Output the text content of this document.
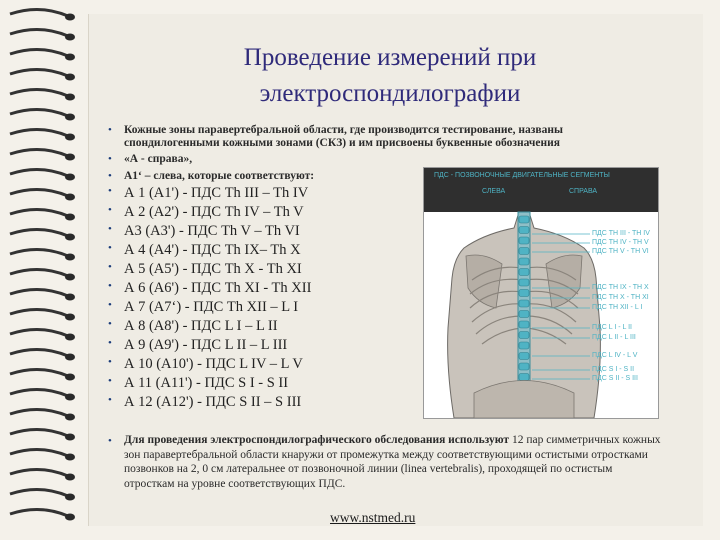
Проведение измерений при
электроспондилографии
• Кожные зоны паравертебральной области, где производится тестирование, названы
спондилогенными кожными зонами (СКЗ) и им присвоены буквенные обозначения
• «А - справа»,
• А1‘ – слева, которые соответствуют:
• А 1 (А1') - ПДС Th III – Th IV
• А 2 (А2') - ПДС Th IV – Th V
• А3 (А3') - ПДС Th V – Th VI
• А 4 (А4') - ПДС Th IX– Th X
• А 5 (А5') - ПДС Th X - Th XI
• А 6 (А6') - ПДС Th XI - Th XII
• А 7 (А7‘) - ПДС Th XII – L I
• А 8 (А8') - ПДС L I – L II
• А 9 (А9') - ПДС L II – L III
• А 10 (А10') - ПДС L IV – L V
• А 11 (А11') - ПДС S I - S II
• А 12 (А12') - ПДС S II – S III
ПДС - ПОЗВОНОЧНЫЕ ДВИГАТЕЛЬНЫЕ СЕГМЕНТЫ
СЛЕВА	СПРАВА
ПДС TH III - TH IV
ПДС TH IV - TH V
ПДС TH V - TH VI
ПДС TH IX - TH X
ПДС TH X - TH XI
ПДС TH XII - L I
ПДС L I - L II
ПДС L II - L III
ПДС L IV - L V
ПДС S I - S II
ПДС S II - S III
• Для проведения электроспондилографического обследования используют 12 пар симметричных кожных зон паравертебральной области кнаружи от промежутка между соответствующими остистыми отростками позвонков на 2, 0 см латеральнее от позвоночной линии (linea vertebralis), проходящей по остистым отросткам на уровне соответствующих ПДС.
www.nstmed.ru
